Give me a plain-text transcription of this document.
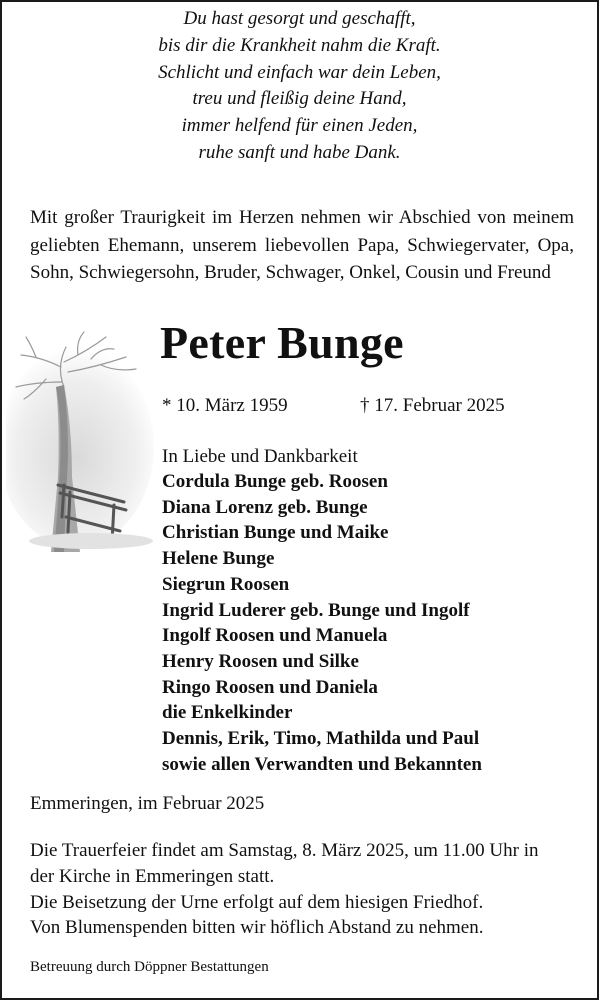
Du hast gesorgt und geschafft,
bis dir die Krankheit nahm die Kraft.
Schlicht und einfach war dein Leben,
treu und fleißig deine Hand,
immer helfend für einen Jeden,
ruhe sanft und habe Dank.
Mit großer Traurigkeit im Herzen nehmen wir Abschied von meinem geliebten Ehemann, unserem liebevollen Papa, Schwiegervater, Opa, Sohn, Schwiegersohn, Bruder, Schwager, Onkel, Cousin und Freund
Peter Bunge
* 10. März 1959	† 17. Februar 2025
In Liebe und Dankbarkeit
Cordula Bunge geb. Roosen
Diana Lorenz geb. Bunge
Christian Bunge und Maike
Helene Bunge
Siegrun Roosen
Ingrid Luderer geb. Bunge und Ingolf
Ingolf Roosen und Manuela
Henry Roosen und Silke
Ringo Roosen und Daniela
die Enkelkinder
Dennis, Erik, Timo, Mathilda und Paul
sowie allen Verwandten und Bekannten
Emmeringen, im Februar 2025
Die Trauerfeier findet am Samstag, 8. März 2025, um 11.00 Uhr in
der Kirche in Emmeringen statt.
Die Beisetzung der Urne erfolgt auf dem hiesigen Friedhof.
Von Blumenspenden bitten wir höflich Abstand zu nehmen.
Betreuung durch Döppner Bestattungen
